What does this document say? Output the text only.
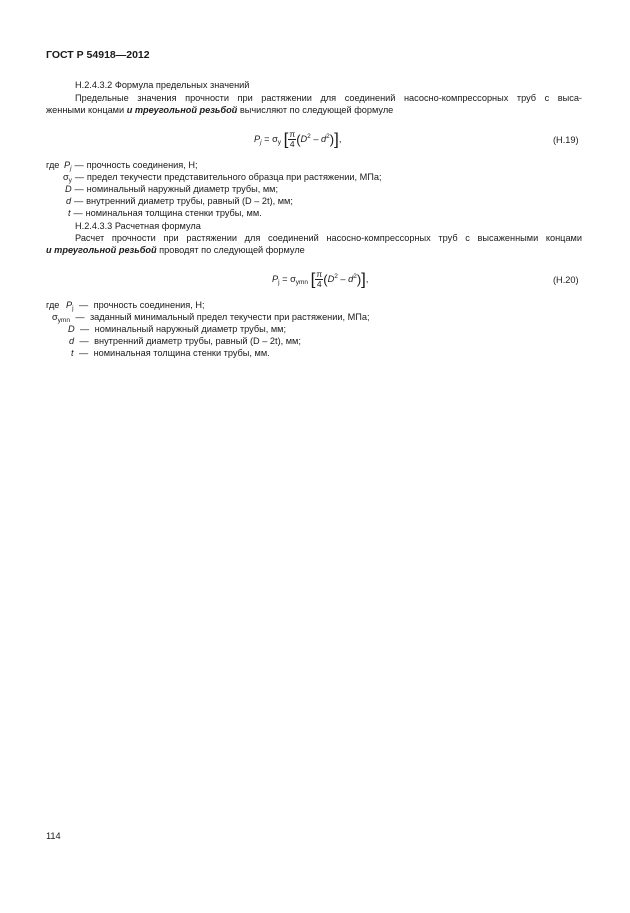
ГОСТ Р 54918—2012
Н.2.4.3.2 Формула предельных значений
Предельные значения прочности при растяжении для соединений насосно-компрессорных труб с выса-
женными концами и треугольной резьбой вычисляют по следующей формуле
$P_j = \sigma_y$ [ $\frac{\pi}{4} (D^2 - d^2)$],	(Н.19)
где $P_j$ — прочность соединения, Н;
$\sigma_y$ — предел текучести представительного образца при растяжении, МПа;
D — номинальный наружный диаметр трубы, мм;
d — внутренний диаметр трубы, равный (D – 2t), мм;
t — номинальная толщина стенки трубы, мм.
Н.2.4.3.3 Расчетная формула
Расчет прочности при растяжении для соединений насосно-компрессорных труб с высаженными концами
и треугольной резьбой проводят по следующей формуле
$P_j = \sigma_{ymn}$ [ $\frac{\pi}{4} (D^2 - d^2)$],	(Н.20)
где $P_j$ — прочность соединения, Н;
$\sigma_{ymn}$ — заданный минимальный предел текучести при растяжении, МПа;
D — номинальный наружный диаметр трубы, мм;
d — внутренний диаметр трубы, равный (D – 2t), мм;
t — номинальная толщина стенки трубы, мм.
114
